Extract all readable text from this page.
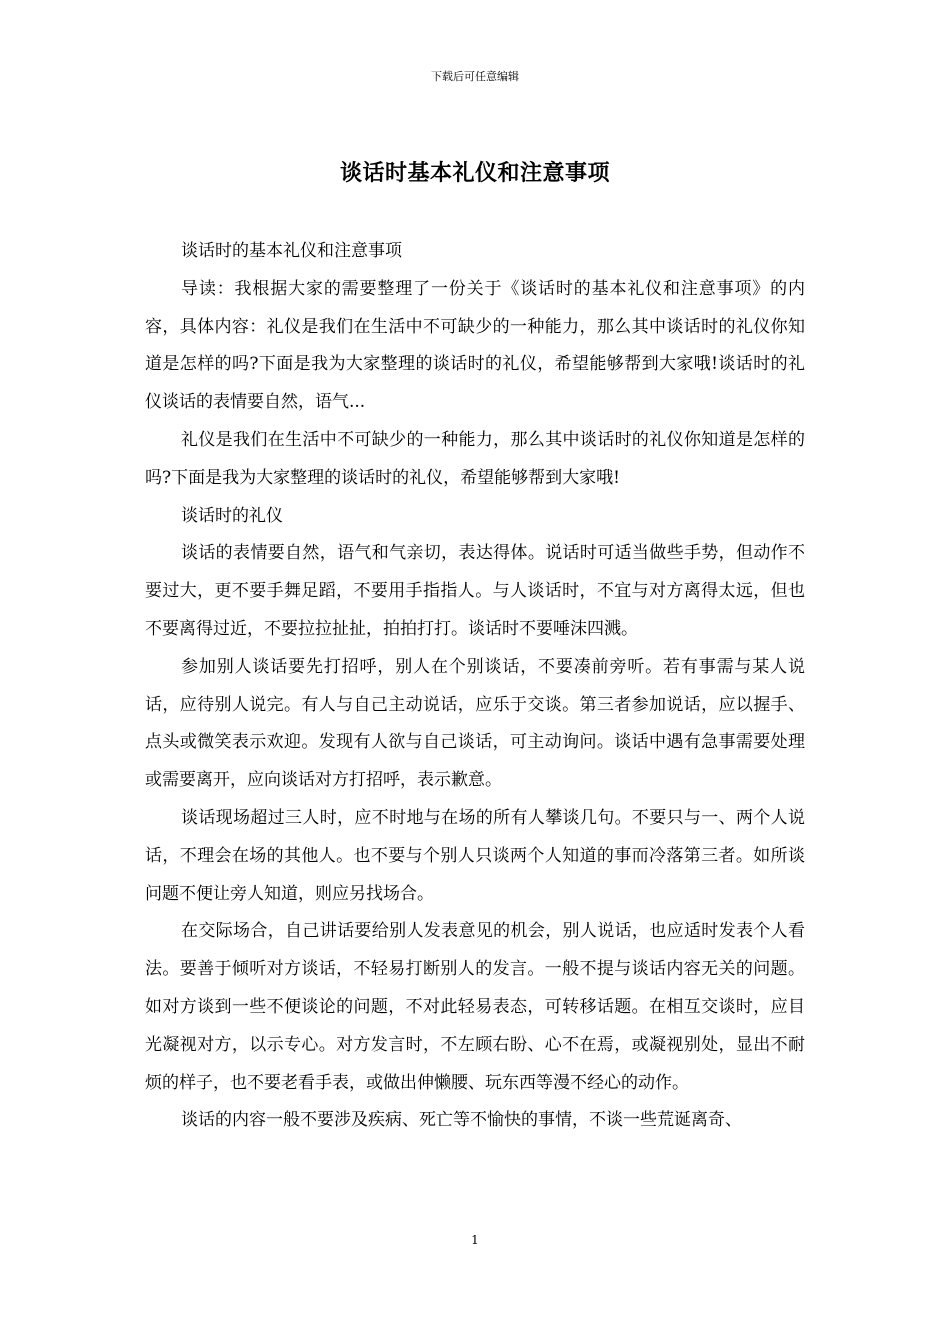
下载后可任意编辑
谈话时基本礼仪和注意事项

谈话时的基本礼仪和注意事项

导读：我根据大家的需要整理了一份关于《谈话时的基本礼仪和注意事项》的内容，具体内容：礼仪是我们在生活中不可缺少的一种能力，那么其中谈话时的礼仪你知道是怎样的吗?下面是我为大家整理的谈话时的礼仪，希望能够帮到大家哦!谈话时的礼仪谈话的表情要自然，语气...

礼仪是我们在生活中不可缺少的一种能力，那么其中谈话时的礼仪你知道是怎样的吗?下面是我为大家整理的谈话时的礼仪，希望能够帮到大家哦!

谈话时的礼仪

谈话的表情要自然，语气和气亲切，表达得体。说话时可适当做些手势，但动作不要过大，更不要手舞足蹈，不要用手指指人。与人谈话时，不宜与对方离得太远，但也不要离得过近，不要拉拉扯扯，拍拍打打。谈话时不要唾沫四溅。

参加别人谈话要先打招呼，别人在个别谈话，不要凑前旁听。若有事需与某人说话，应待别人说完。有人与自己主动说话，应乐于交谈。第三者参加说话，应以握手、点头或微笑表示欢迎。发现有人欲与自己谈话，可主动询问。谈话中遇有急事需要处理或需要离开，应向谈话对方打招呼，表示歉意。

谈话现场超过三人时，应不时地与在场的所有人攀谈几句。不要只与一、两个人说话，不理会在场的其他人。也不要与个别人只谈两个人知道的事而冷落第三者。如所谈问题不便让旁人知道，则应另找场合。

在交际场合，自己讲话要给别人发表意见的机会，别人说话，也应适时发表个人看法。要善于倾听对方谈话，不轻易打断别人的发言。一般不提与谈话内容无关的问题。如对方谈到一些不便谈论的问题，不对此轻易表态，可转移话题。在相互交谈时，应目光凝视对方，以示专心。对方发言时，不左顾右盼、心不在焉，或凝视别处，显出不耐烦的样子，也不要老看手表，或做出伸懒腰、玩东西等漫不经心的动作。

谈话的内容一般不要涉及疾病、死亡等不愉快的事情，不谈一些荒诞离奇、

1
